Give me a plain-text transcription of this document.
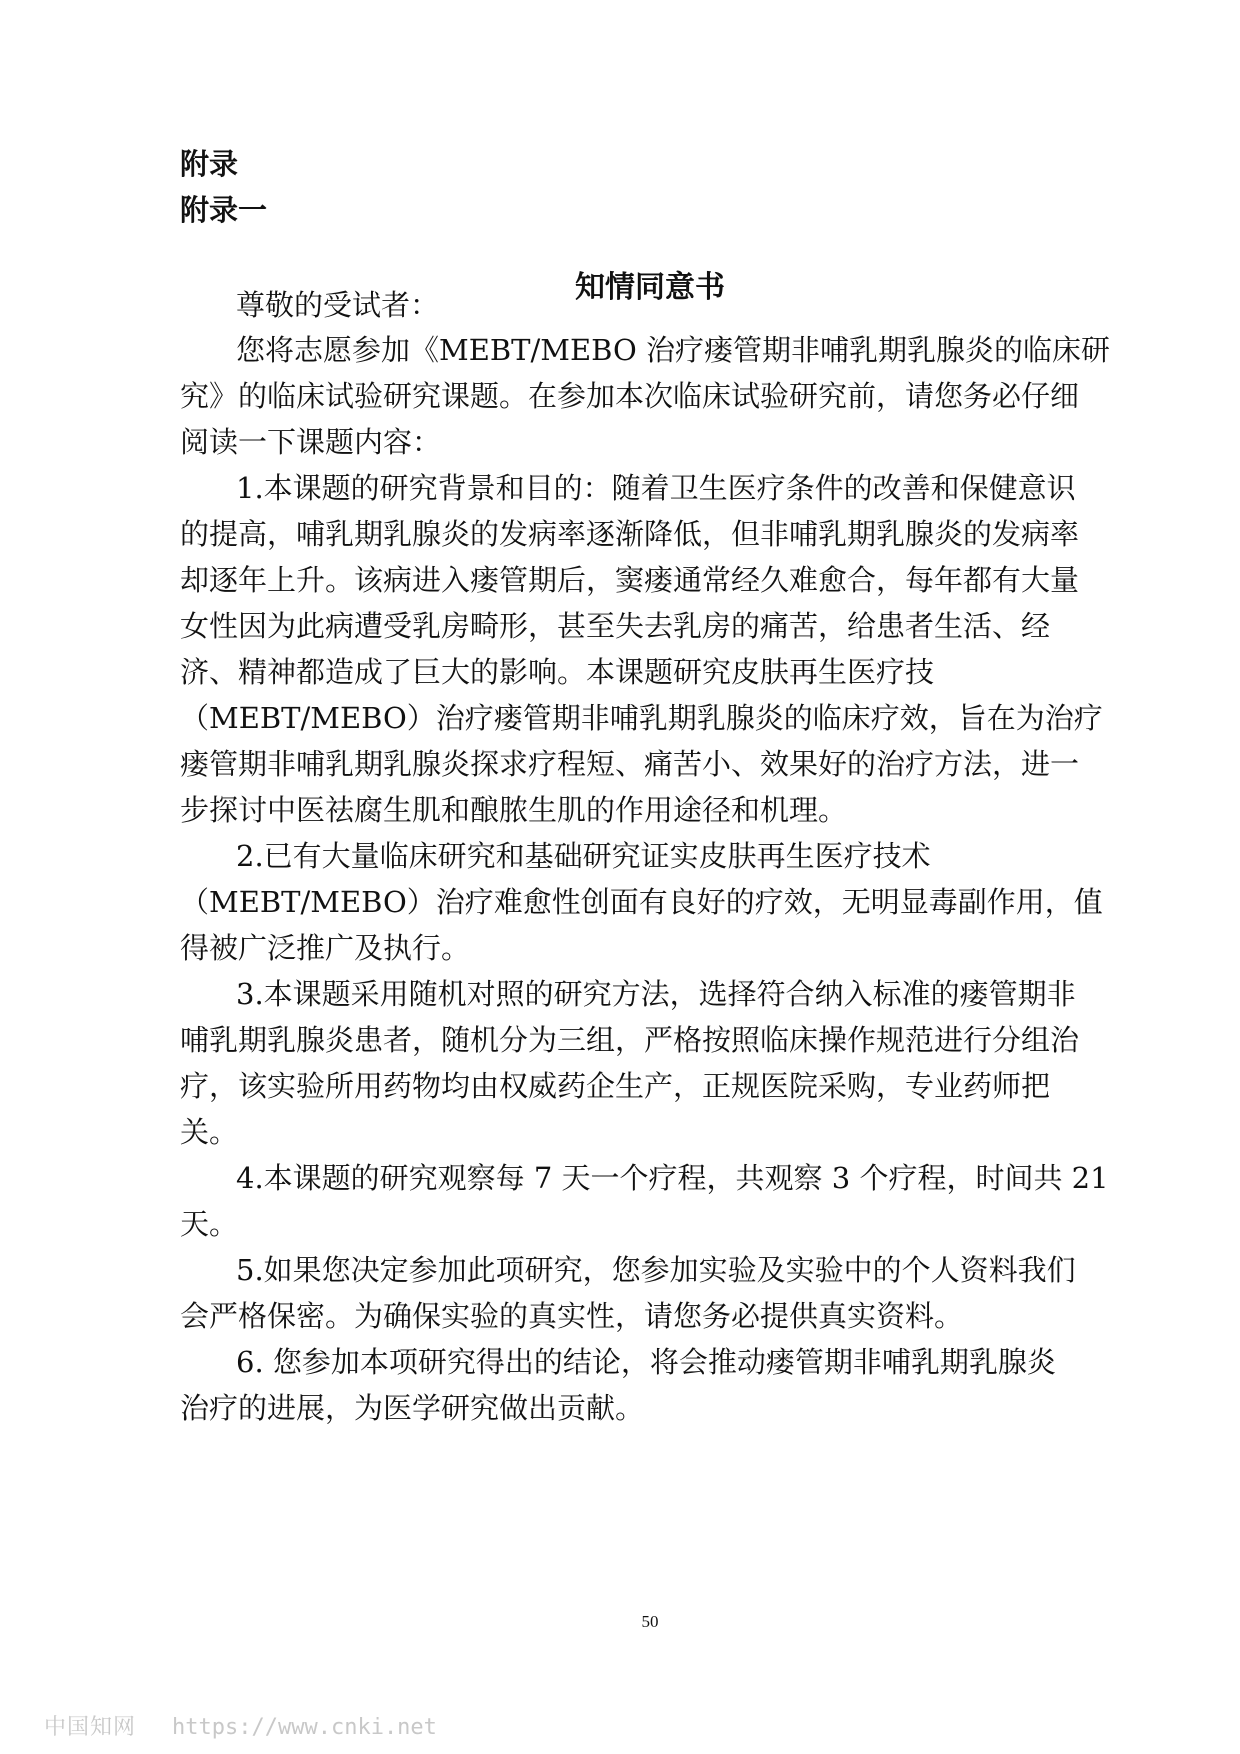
附录
附录一
知情同意书
尊敬的受试者：
您将志愿参加《MEBT/MEBO 治疗瘘管期非哺乳期乳腺炎的临床研
究》的临床试验研究课题。在参加本次临床试验研究前，请您务必仔细
阅读一下课题内容：
1.本课题的研究背景和目的：随着卫生医疗条件的改善和保健意识
的提高，哺乳期乳腺炎的发病率逐渐降低，但非哺乳期乳腺炎的发病率
却逐年上升。该病进入瘘管期后，窦瘘通常经久难愈合，每年都有大量
女性因为此病遭受乳房畸形，甚至失去乳房的痛苦，给患者生活、经
济、精神都造成了巨大的影响。本课题研究皮肤再生医疗技
（MEBT/MEBO）治疗瘘管期非哺乳期乳腺炎的临床疗效，旨在为治疗
瘘管期非哺乳期乳腺炎探求疗程短、痛苦小、效果好的治疗方法，进一
步探讨中医祛腐生肌和酿脓生肌的作用途径和机理。
2.已有大量临床研究和基础研究证实皮肤再生医疗技术
（MEBT/MEBO）治疗难愈性创面有良好的疗效，无明显毒副作用，值
得被广泛推广及执行。
3.本课题采用随机对照的研究方法，选择符合纳入标准的瘘管期非
哺乳期乳腺炎患者，随机分为三组，严格按照临床操作规范进行分组治
疗，该实验所用药物均由权威药企生产，正规医院采购，专业药师把
关。
4.本课题的研究观察每 7 天一个疗程，共观察 3 个疗程，时间共 21
天。
5.如果您决定参加此项研究，您参加实验及实验中的个人资料我们
会严格保密。为确保实验的真实性，请您务必提供真实资料。
6. 您参加本项研究得出的结论，将会推动瘘管期非哺乳期乳腺炎
治疗的进展，为医学研究做出贡献。
50
中国知网 https://www.cnki.net
